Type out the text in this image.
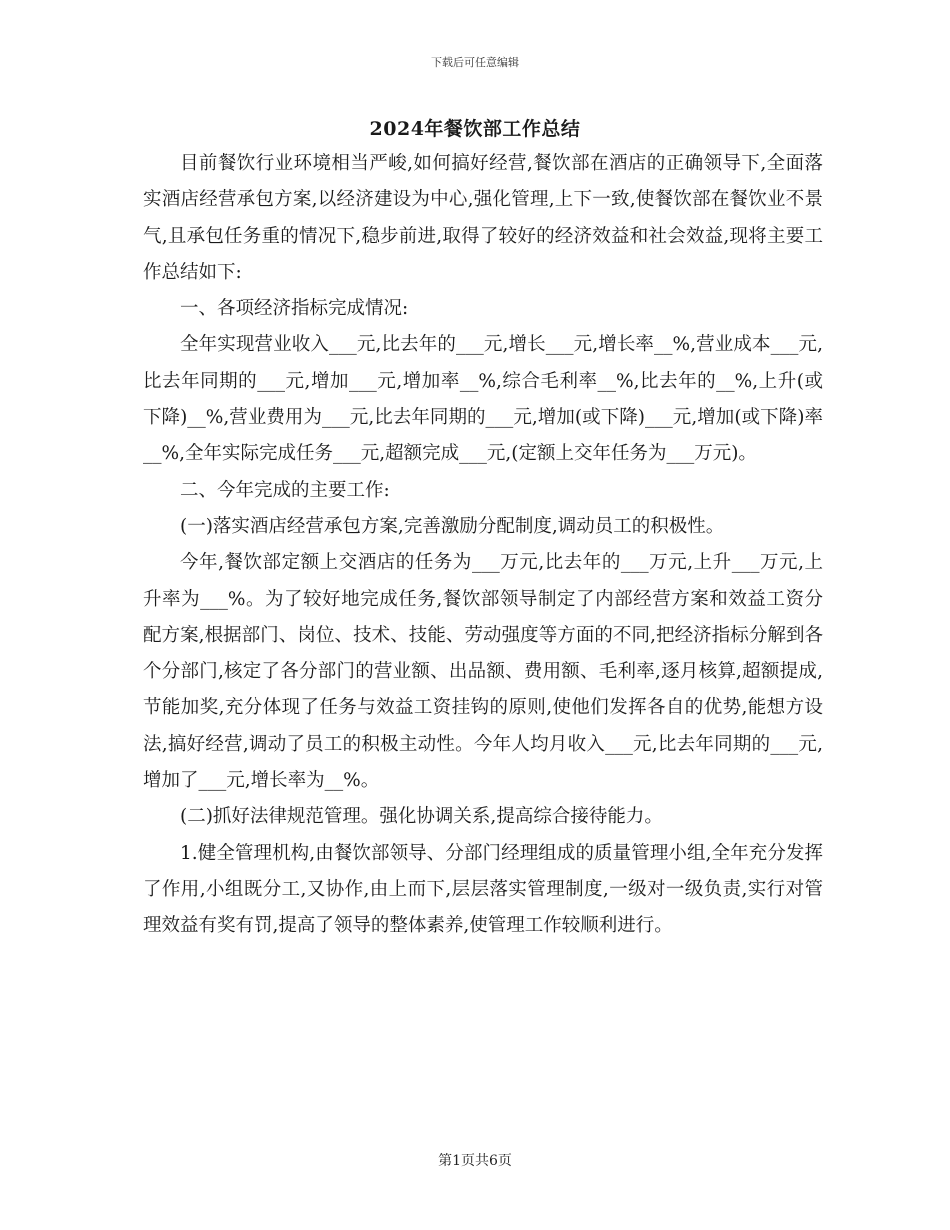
下载后可任意编辑
2024年餐饮部工作总结

目前餐饮行业环境相当严峻,如何搞好经营,餐饮部在酒店的正确领导下,全面落实酒店经营承包方案,以经济建设为中心,强化管理,上下一致,使餐饮部在餐饮业不景气,且承包任务重的情况下,稳步前进,取得了较好的经济效益和社会效益,现将主要工作总结如下:

一、各项经济指标完成情况:

全年实现营业收入___元,比去年的___元,增长___元,增长率__%,营业成本___元,比去年同期的___元,增加___元,增加率__%,综合毛利率__%,比去年的__%,上升(或下降)__%,营业费用为___元,比去年同期的___元,增加(或下降)___元,增加(或下降)率__%,全年实际完成任务___元,超额完成___元,(定额上交年任务为___万元)。

二、今年完成的主要工作:

(一)落实酒店经营承包方案,完善激励分配制度,调动员工的积极性。

今年,餐饮部定额上交酒店的任务为___万元,比去年的___万元,上升___万元,上升率为___%。为了较好地完成任务,餐饮部领导制定了内部经营方案和效益工资分配方案,根据部门、岗位、技术、技能、劳动强度等方面的不同,把经济指标分解到各个分部门,核定了各分部门的营业额、出品额、费用额、毛利率,逐月核算,超额提成,节能加奖,充分体现了任务与效益工资挂钩的原则,使他们发挥各自的优势,能想方设法,搞好经营,调动了员工的积极主动性。今年人均月收入___元,比去年同期的___元,增加了___元,增长率为__%。

(二)抓好法律规范管理。强化协调关系,提高综合接待能力。

1.健全管理机构,由餐饮部领导、分部门经理组成的质量管理小组,全年充分发挥了作用,小组既分工,又协作,由上而下,层层落实管理制度,一级对一级负责,实行对管理效益有奖有罚,提高了领导的整体素养,使管理工作较顺利进行。

第1页共6页
